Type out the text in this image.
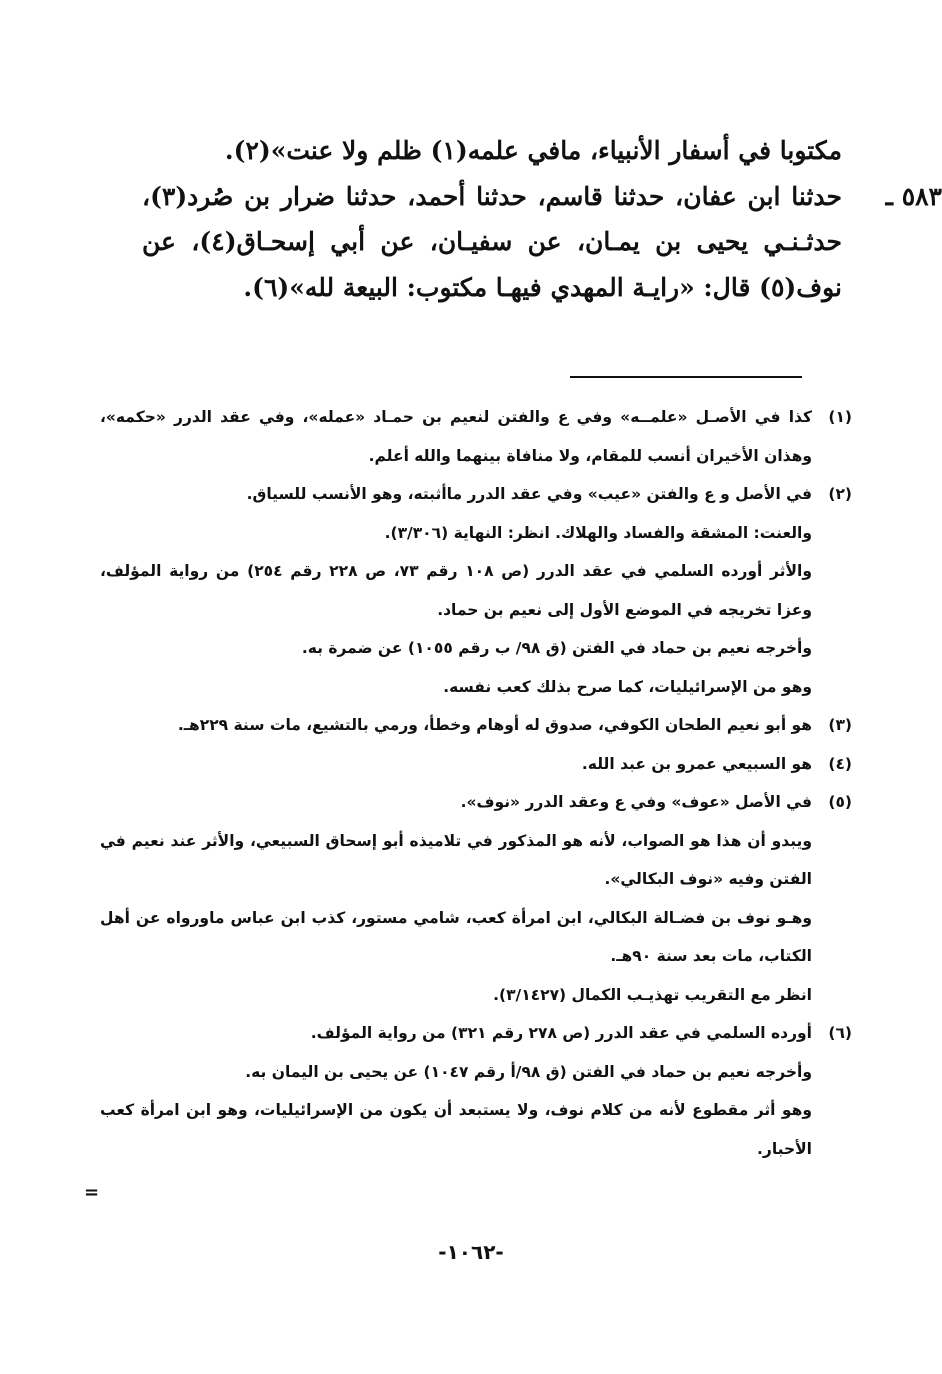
مكتوبا في أسفار الأنبياء، مافي علمه(١) ظلم ولا عنت»(٢).

٥٨٣ ـ

حدثنا ابن عفان، حدثنا قاسم، حدثنا أحمد، حدثنا ضرار بن صُرد(٣)، حدثـنـي يحيى بن يمـان، عن سفيـان، عن أبي إسحـاق(٤)، عن نوف(٥) قال: «رايـة المهدي فيهـا مكتوب: البيعة لله»(٦).

(١)

كذا في الأصـل «علمــه» وفي ع والفتن لنعيم بن حمـاد «عمله»، وفي عقد الدرر «حكمه»، وهذان الأخيران أنسب للمقام، ولا منافاة بينهما والله أعلم.

(٢)

في الأصل و ع والفتن «عيب» وفي عقد الدرر ماأثبته، وهو الأنسب للسياق.

والعنت: المشقة والفساد والهلاك. انظر: النهاية (٣/٣٠٦).

والأثر أورده السلمي في عقد الدرر (ص ١٠٨ رقم ٧٣، ص ٢٢٨ رقم ٢٥٤) من رواية المؤلف، وعزا تخريجه في الموضع الأول إلى نعيم بن حماد.

وأخرجه نعيم بن حماد في الفتن (ق ٩٨/ ب رقم ١٠٥٥) عن ضمرة به.

وهو من الإسرائيليات، كما صرح بذلك كعب نفسه.

(٣)

هو أبو نعيم الطحان الكوفي، صدوق له أوهام وخطأ، ورمي بالتشيع، مات سنة ٢٢٩هـ.

(٤)

هو السبيعي عمرو بن عبد الله.

(٥)

في الأصل «عوف» وفي ع وعقد الدرر «نوف».

ويبدو أن هذا هو الصواب، لأنه هو المذكور في تلاميذه أبو إسحاق السبيعي، والأثر عند نعيم في الفتن وفيه «نوف البكالي».

وهـو نوف بن فضـالة البكالي، ابن امرأة كعب، شامي مستور، كذب ابن عباس ماورواه عن أهل الكتاب، مات بعد سنة ٩٠هـ.

انظر مع التقريب تهذيـب الكمال (٣/١٤٢٧).

(٦)

أورده السلمي في عقد الدرر (ص ٢٧٨ رقم ٣٢١) من رواية المؤلف.

وأخرجه نعيم بن حماد في الفتن (ق ٩٨/أ رقم ١٠٤٧) عن يحيى بن اليمان به.

وهو أثر مقطوع لأنه من كلام نوف، ولا يستبعد أن يكون من الإسرائيليات، وهو ابن امرأة كعب الأحبار.

=
-١٠٦٢-
